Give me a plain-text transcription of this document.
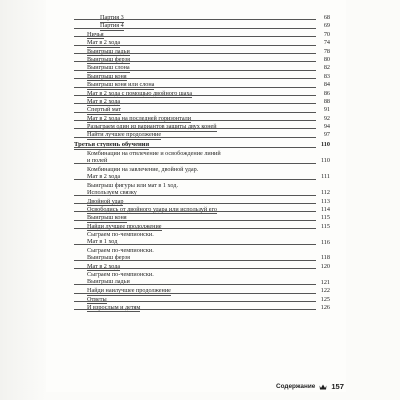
Партия 3	68
Партия 4	69
Ничья	70
Мат в 2 хода	74
Выигрыш ладьи	78
Выигрыш ферзя	80
Выигрыш слона	82
Выигрыш коня	83
Выигрыш коня или слона	84
Мат в 2 хода с помощью двойного шаха	86
Мат в 2 хода	88
Спертый мат	91
Мат в 2 хода на последней горизонтали	92
Разыграем один из вариантов защиты двух коней	94
Найти лучшее продолжение	97
Третья ступень обучения	110
Комбинации на отвлечение и освобождение линий
и полей	110
Комбинации на завлечение, двойной удар.
Мат в 2 хода	111
Выигрыш фигуры или мат в 1 ход.
Используем связку	112
Двойной удар	113
Освободись от двойного удара или используй его	114
Выигрыш коня	115
Найди лучшее продолжение	115
Сыграем по-чемпионски.
Мат в 1 ход	116
Сыграем по-чемпионски.
Выигрыш ферзя	118
Мат в 2 хода	120
Сыграем по-чемпионски.
Выигрыш ладьи	121
Найди наилучшее продолжение	122
Ответы	125
И взрослым и детям	126
Содержание 157
